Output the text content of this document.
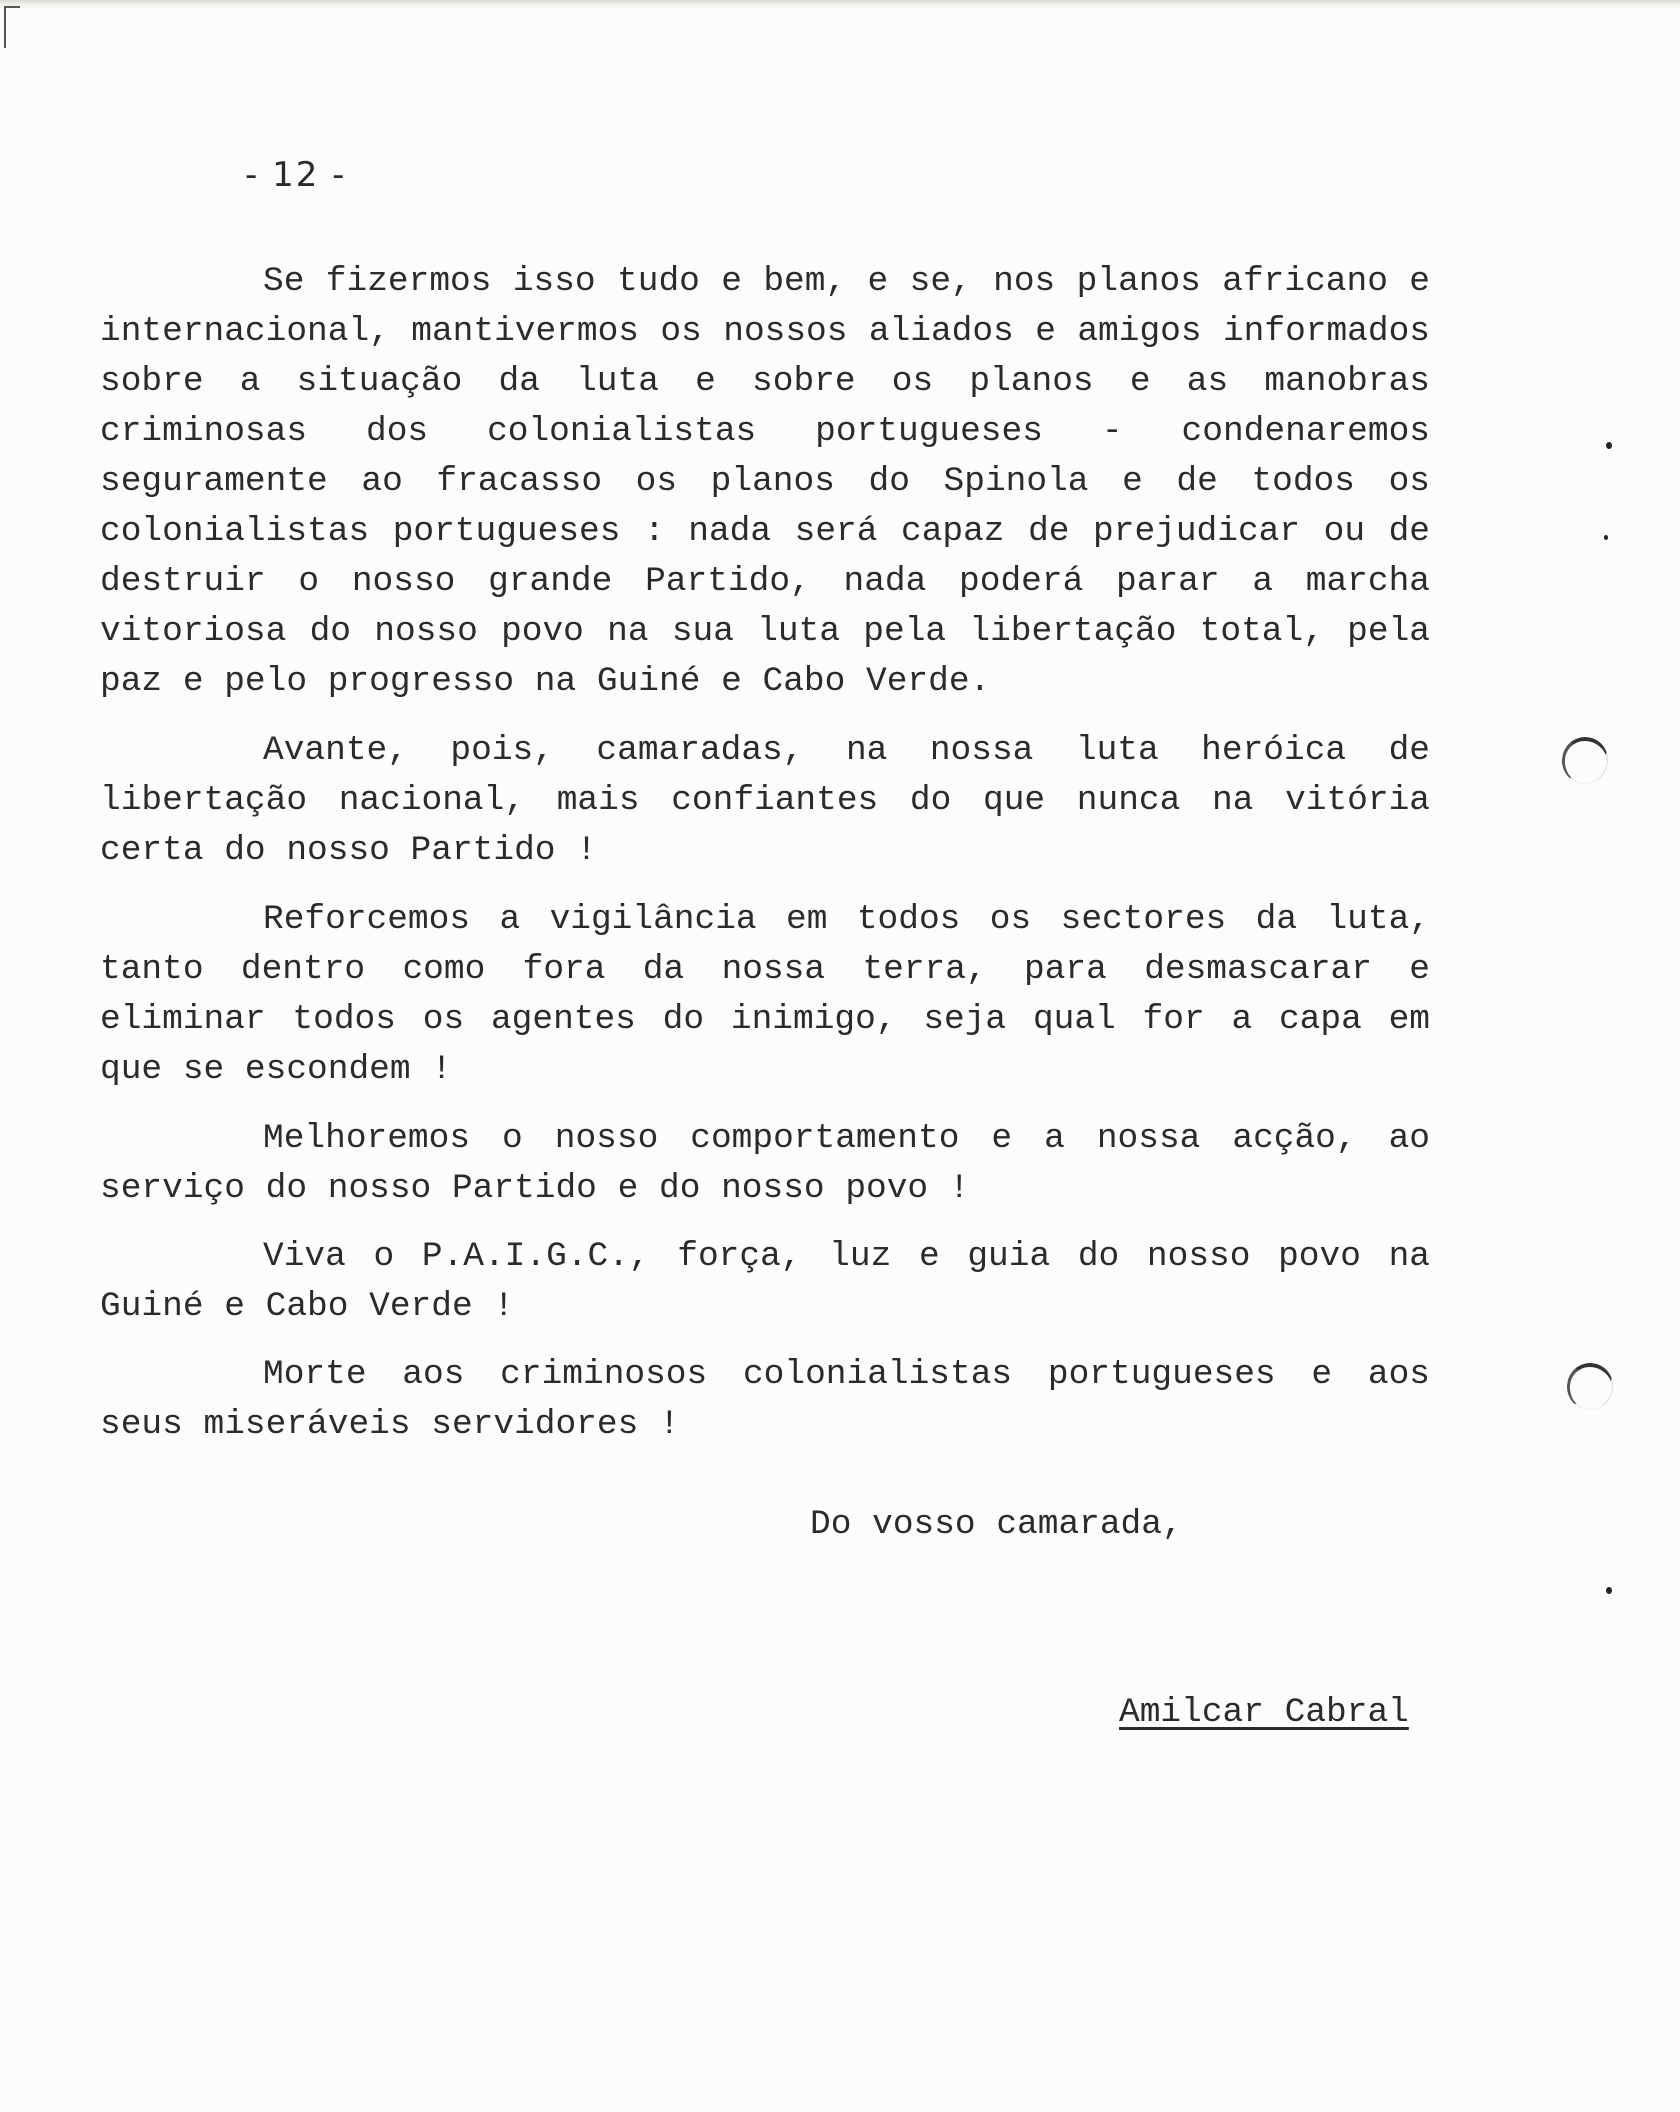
- 12 -

Se fizermos isso tudo e bem, e se, nos planos africano e internacional, mantivermos os nossos aliados e amigos informados sobre a situação da luta e sobre os planos e as manobras criminosas dos colonialistas portugueses - condenaremos seguramente ao fracasso os planos do Spinola e de todos os colonialistas portugueses : nada será capaz de prejudicar ou de destruir o nosso grande Partido, nada poderá parar a marcha vitoriosa do nosso povo na sua luta pela libertação total, pela paz e pelo progresso na Guiné e Cabo Verde.

Avante, pois, camaradas, na nossa luta heróica de libertação nacional, mais confiantes do que nunca na vitória certa do nosso Partido !

Reforcemos a vigilância em todos os sectores da luta, tanto dentro como fora da nossa terra, para desmascarar e eliminar todos os agentes do inimigo, seja qual for a capa em que se escondem !

Melhoremos o nosso comportamento e a nossa acção, ao serviço do nosso Partido e do nosso povo !

Viva o P.A.I.G.C., força, luz e guia do nosso povo na Guiné e Cabo Verde !

Morte aos criminosos colonialistas portugueses e aos seus miseráveis servidores !

Do vosso camarada,
Amilcar Cabral
